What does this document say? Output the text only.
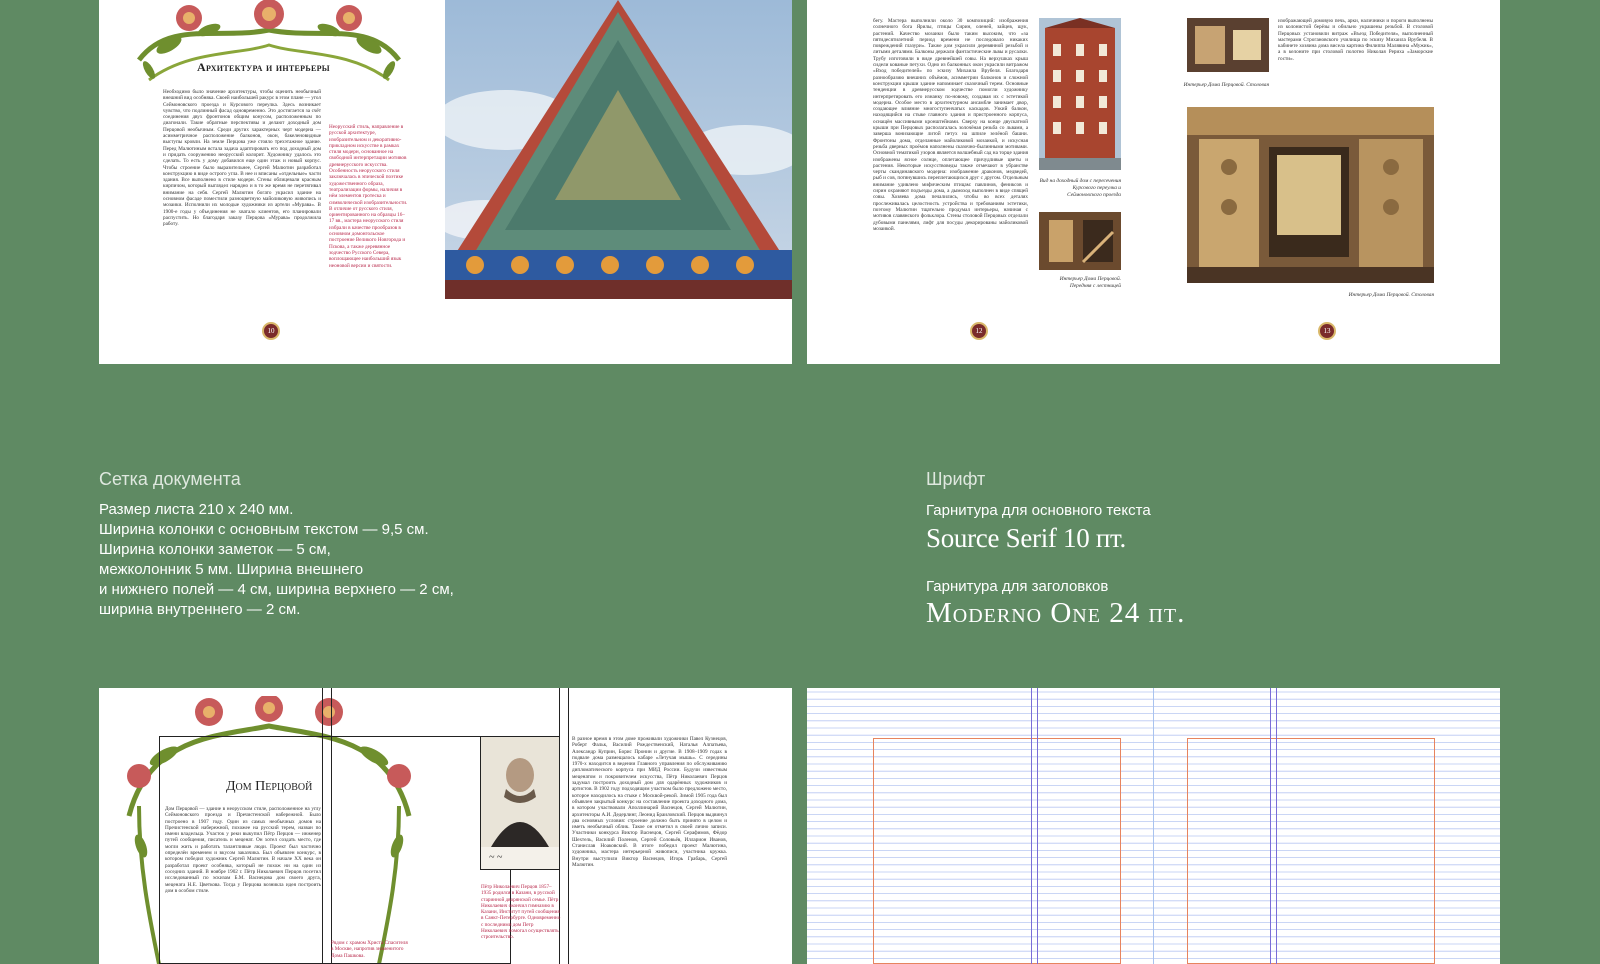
Архитектура и интерьеры

Необходимо было значение архитектуры, чтобы оценить необычный внешний вид особняка. Своей наибольшей ракурс в этом плане — угол Сеймоновского проезда и Курсового переулка. Здесь возникает чувство, что подлинный фасад одновременно. Это достигается за счёт соединения двух фронтонов общим конусом, расположенным по диагонали. Такие обратные перспективы и делают доходный дом Перцовой необычным. Среди других характерных черт модерна — асимметричное расположение балконов, окон, бакеленовидные выступы кровли. На земле Перцова уже стояло трехэтажное здание. Перед Малютиным встала задача адаптировать его под доходный дом и придать сооружению неорусский колорит. Художнику удалось это сделать. То есть у дому добавился еще один этаж и новый корпус. Чтобы строение было выразительнее, Сергей Малютин разработал конструкцию в виде острого угла. В нее и вписаны «отдельные» части здания. Все выполнено в стиле модерн. Стены облицевали красным кирпичом, который выглядел нарядно и в то же время не перетягивал внимание на себя. Сергей Малютин богато украсил здание на основном фасаде поместили разноцветную майоликовую живопись и мозаики. Исполнили их молодые художники из артели «Мурава». В 1900-е годы у объединения не хватало клиентов, его планировали распустить. Но благодаря заказу Перцова «Мурава» продолжила работу.

Неорусский стиль, направление в русской архитектуре, изобразительном и декоративно-прикладном искусстве в рамках стиля модерн, основанное на свободной интерпретации мотивов древнерусского искусства. Особенность неорусского стиля заключалась в эпической поэтике художественного образа, театрализации формы, наличия в нём элементов гротеска и символической изобразительности. В отличие от русского стиля, ориентированного на образцы 16–17 вв., мастера неорусского стиля избрали в качестве прообразов в основном домонгольское построение Великого Новгорода и Пскова, а также деревянное зодчество Русского Севера, воплощающее наибольший язык неоновой версии и святости.

10

бегу. Мастера выполнили около 30 композиций: изображения солнечного бога Ярилы, птицы Сирин, оленей, зайцев, щук, растений. Качество мозаики было таким высоким, что «за пятидесятилетний период времени не последовало никаких повреждений глазури». Также дом украсили деревянной резьбой и литыми деталями. Балконы держали фантастические львы и русалки. Трубу изготовили в виде древнейшей совы. На верхушках крыш сидели кованые петухи. Одно из балконных окон украсили витражом «Вход победителей» по эскизу Михаила Врубеля. Благодаря разнообразию внешних объёмов, асимметрии балконов и сложной конструкции крыши здание напоминает сказочный терем. Основные тенденции в древнерусском зодчестве помогли художнику интерпретировать его изнанку по-новому, создавая их с эстетикой модерна. Особое место в архитектурном ансамбле занимает двор, создающее влияние многоступенчатых каскадов. Узкий балкон, находящийся на стыке главного здания и пристроенного корпуса, оснащён массивными кронштейнами. Сверху на конце двускатной крыши при Перцовых располагалась золочёная резьба со львами, а заверша вонизающие литой петух на шпиле зелёной башни. Фронтоны дома, отделанные майоликовой мозаикой, и искусная резьба дверных проёмов наполнены сказочно-былинными мотивами. Основной тематикой узоров является волшебный сад на торце здания изображены ясное солнце, оплетающее причудливые цветы и растения. Некоторые искусствоведы также отмечают в убранстве черты скандинавского модерна: изображение драконов, медведей, рыб и сов, потянувшись переплетающихся друг с другом. Отдельным внимание удивлено мифическим птицам: павлинов, фениксов и сирин охраняют подъезды дома, а дымоход выполнен в виде спящей совы. Хозяева дома печалились, чтобы во всех деталях прослеживалась целостность устройства и требованиям эстетики, поэтому Малютин тщательно продумал интерьеры, начиная с мотивов славянского фольклора. Стены столовой Перцовых отделали дубовыми панелями, лифт для посуды декорированы майоликовой мозаикой.

Вид на доходный дом с пересечения Курсового переулка и Сеймоновского проезда

Интерьер Дома Перцовой. Передняя с лестницей

12

Интерьер Дома Перцовой. Столовая

изображающей домовую печь, арки, наличники и пороги выполнены из колонистой берёзы и обильно украшены резьбой. В столовой Перцовых установили витраж «Въезд Победителя», выполненный мастерами Строгановского училища по эскизу Михаила Врубеля. В кабинете хозяина дома висела картина Филиппа Малявина «Мужик», а в келоните при столовой полотно Николая Рериха «Заморские гости».

Интерьер Дома Перцовой. Столовая

13
Сетка документа
Размер листа 210 х 240 мм.
Ширина колонки с основным текстом — 9,5 см.
Ширина колонки заметок — 5 см,
межколонник 5 мм. Ширина внешнего
и нижнего полей — 4 см, ширина верхнего — 2 см,
ширина внутреннего — 2 см.
Шрифт
Гарнитура для основного текста
Source Serif 10 пт.
Гарнитура для заголовков
Moderno One 24 пт.
Дом Перцовой

Дом Перцовой — здание в неорусском стиле, расположенное на углу Сеймоновского проезда и Пречистенской набережной. Было построено в 1907 году. Один из самых необычных домов на Пречистенской набережной, похожее на русский терем, назван по имени владельца. Участок у реки выкупил Пётр Перцов — инженер путей сообщения, писатель и меценат. Он хотел создать место, где могли жить и работать талантливые люди. Проект был частично определён временем и вкусом заказчика. Был объявлен конкурс, в котором победил художник Сергей Малютин. В начале XX века он разработал проект особняка, который не похож ни на один из соседних зданий. В ноябре 1902 г. Пётр Николаевич Перцов посетил исследованный по эскизам Б.М. Васнецова дом своего друга, мецената Н.Е. Цветкова. Тогда у Перцова возникла идея построить дом в особом стиле.

Рядом с храмом Христа Спасителя в Москве, напротив знаменитого Дома Пашкова.

~ ~

Пётр Николаевич Перцов 1857–1935 родился в Казани, в русской старинной дворянской семье. Пётр Николаевич окончил гимназию в Казани, Институт путей сообщения в Санкт-Петербурге. Одновременно с последними дом Петр Николаевич помогал осуществлять строительство.

В разное время в этом доме проживали художники Павел Кузнецов, Роберт Фальк, Василий Рождественский, Наталья Алпатьева, Александр Куприн, Борис Пронин и другие. В 1908–1909 годах в подвале дома размещалось кабаре «Летучая мышь». С середины 1970-х находится в ведении Главного управления по обслуживанию дипломатического корпуса при МИД России. Будучи известным меценатом и покровителем искусства, Пётр Николаевич Перцов задумал построить доходный дом для одарённых художников и артистов. В 1902 году подходящим участком было предложено место, которое находилось на стыке с Москвой-рекой. Зимой 1905 года был объявлен закрытый конкурс на составление проекта доходного дома, в котором участвовали Аполлинарий Васнецов, Сергей Малютин, архитекторы А.И. Дедерлинг, Леонид Браиловский. Перцов выдвинул два основных условия: строение должно быть принято в целом и иметь необычный облик. Такое он отметил в своей лично записи. Участники конкурса Виктор Васнецов, Сергей Серафимов, Фёдор Шехтель, Василий Поленов, Сергей Соловьёв, Илларион Иванов, Станислав Ноаковский. В итоге победил проект Малютина, художника, мастера интерьерной живописи, участника кружка. Внутри выступили Виктор Васнецов, Игорь Грабарь, Сергей Малютин.
